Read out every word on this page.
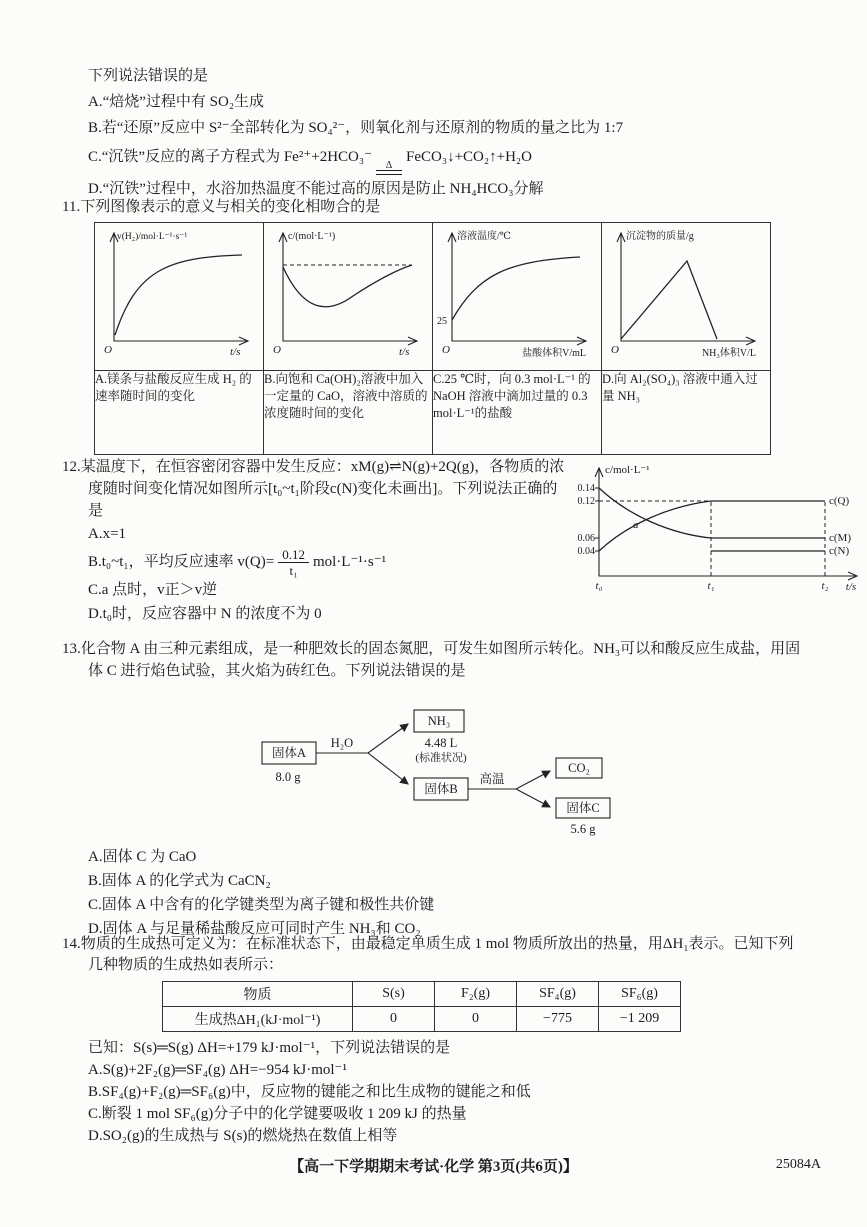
下列说法错误的是

A.“焙烧”过程中有 SO₂生成

B.若“还原”反应中 S²⁻全部转化为 SO₄²⁻，则氧化剂与还原剂的物质的量之比为 1:7

C.“沉铁”反应的离子方程式为 Fe²⁺+2HCO₃⁻
Δ
FeCO₃↓+CO₂↑+H₂O

D.“沉铁”过程中，水浴加热温度不能过高的原因是防止 NH₄HCO₃分解

11.下列图像表示的意义与相关的变化相吻合的是

v(H₂)/mol·L⁻¹·s⁻¹
O t/s	c/(mol·L⁻¹)
O t/s	溶液温度/℃
25
O 盐酸体积V/mL	沉淀物的质量/g
O NH₃体积V/L

A.镁条与盐酸反应生成 H₂ 的速率随时间的变化	B.向饱和 Ca(OH)₂溶液中加入一定量的 CaO，溶液中溶质的浓度随时间的变化	C.25 ℃时，向 0.3 mol·L⁻¹ 的 NaOH 溶液中滴加过量的 0.3 mol·L⁻¹的盐酸	D.向 Al₂(SO₄)₃ 溶液中通入过量 NH₃

12.某温度下，在恒容密闭容器中发生反应：xM(g)⇌N(g)+2Q(g)，各物质的浓度随时间变化情况如图所示[t₀~t₁阶段c(N)变化未画出]。下列说法正确的是

A.x=1

B.t₀~t₁，平均反应速率 $v(Q)= \frac{0.12}{\text{t₁}} mol\cdot L^{-1}\cdot s^{-1}$

C.a 点时，v正＞v逆

D.t₀时，反应容器中 N 的浓度不为 0

c/mol·L⁻¹
0.14
0.12
0.06
0.04
a
t₀	t₁	t₂ t/s
c(Q)
c(M)
c(N)

13.化合物 A 由三种元素组成，是一种肥效长的固态氮肥，可发生如图所示转化。NH₃可以和酸反应生成盐，用固体 C 进行焰色试验，其火焰为砖红色。下列说法错误的是

固体A
8.0 g
H₂O
NH₃
4.48 L
(标准状况)
固体B
高温
CO₂
固体C
5.6 g

A.固体 C 为 CaO

B.固体 A 的化学式为 CaCN₂

C.固体 A 中含有的化学键类型为离子键和极性共价键

D.固体 A 与足量稀盐酸反应可同时产生 NH₃和 CO₂

14.物质的生成热可定义为：在标准状态下，由最稳定单质生成 1 mol 物质所放出的热量，用ΔH₁表示。已知下列几种物质的生成热如表所示：

物质	S(s)	F₂(g)	SF₄(g)	SF₆(g)
生成热ΔH₁(kJ·mol⁻¹)	0	0	−775	−1 209

已知：S(s)═S(g) ΔH=+179 kJ·mol⁻¹，下列说法错误的是

A.S(g)+2F₂(g)═SF₄(g) ΔH=−954 kJ·mol⁻¹

B.SF₄(g)+F₂(g)═SF₆(g)中，反应物的键能之和比生成物的键能之和低

C.断裂 1 mol SF₆(g)分子中的化学键要吸收 1 209 kJ 的热量

D.SO₂(g)的生成热与 S(s)的燃烧热在数值上相等

【高一下学期期末考试·化学 第3页(共6页)】	25084A
